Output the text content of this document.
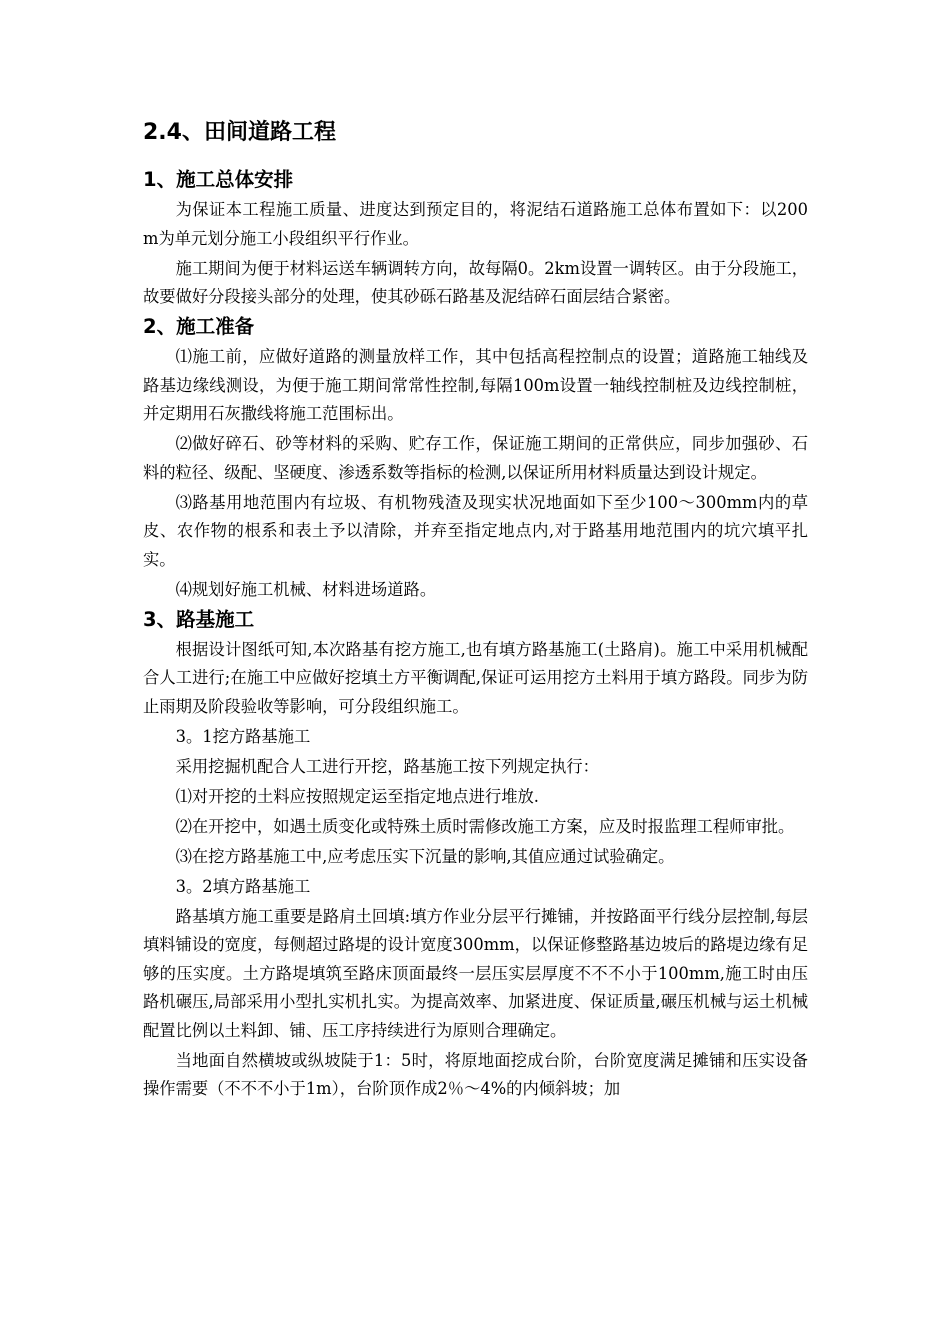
2.4、田间道路工程
1、施工总体安排
为保证本工程施工质量、进度达到预定目的，将泥结石道路施工总体布置如下：以200m为单元划分施工小段组织平行作业。
施工期间为便于材料运送车辆调转方向，故每隔0。2km设置一调转区。由于分段施工，故要做好分段接头部分的处理，使其砂砾石路基及泥结碎石面层结合紧密。
2、施工准备
⑴施工前，应做好道路的测量放样工作，其中包括高程控制点的设置；道路施工轴线及路基边缘线测设，为便于施工期间常常性控制,每隔100m设置一轴线控制桩及边线控制桩，并定期用石灰撒线将施工范围标出。
⑵做好碎石、砂等材料的采购、贮存工作，保证施工期间的正常供应，同步加强砂、石料的粒径、级配、坚硬度、渗透系数等指标的检测,以保证所用材料质量达到设计规定。
⑶路基用地范围内有垃圾、有机物残渣及现实状况地面如下至少100～300mm内的草皮、农作物的根系和表土予以清除，并弃至指定地点内,对于路基用地范围内的坑穴填平扎实。
⑷规划好施工机械、材料进场道路。
3、路基施工
根据设计图纸可知,本次路基有挖方施工,也有填方路基施工(土路肩)。施工中采用机械配合人工进行;在施工中应做好挖填土方平衡调配,保证可运用挖方土料用于填方路段。同步为防止雨期及阶段验收等影响，可分段组织施工。
3。1挖方路基施工
采用挖掘机配合人工进行开挖，路基施工按下列规定执行：
⑴对开挖的土料应按照规定运至指定地点进行堆放.
⑵在开挖中，如遇土质变化或特殊土质时需修改施工方案，应及时报监理工程师审批。
⑶在挖方路基施工中,应考虑压实下沉量的影响,其值应通过试验确定。
3。2填方路基施工
路基填方施工重要是路肩土回填:填方作业分层平行摊铺，并按路面平行线分层控制,每层填料铺设的宽度，每侧超过路堤的设计宽度300mm，以保证修整路基边坡后的路堤边缘有足够的压实度。土方路堤填筑至路床顶面最终一层压实层厚度不不不小于100mm,施工时由压路机碾压,局部采用小型扎实机扎实。为提高效率、加紧进度、保证质量,碾压机械与运土机械配置比例以土料卸、铺、压工序持续进行为原则合理确定。
当地面自然横坡或纵坡陡于1：5时，将原地面挖成台阶，台阶宽度满足摊铺和压实设备操作需要（不不不小于1m），台阶顶作成2％～4%的内倾斜坡；加
